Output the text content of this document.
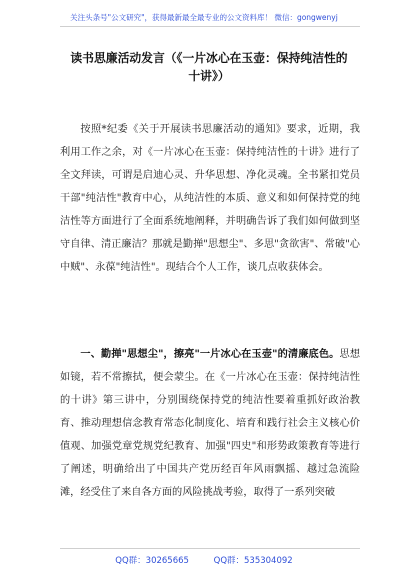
关注头条号"公文研究"，获得最新最全最专业的公文资料库！ 微信：gongwenyj
读书思廉活动发言（《一片冰心在玉壶：保持纯洁性的十讲》）
按照*纪委《关于开展读书思廉活动的通知》要求，近期，我利用工作之余，对《一片冰心在玉壶：保持纯洁性的十讲》进行了全文拜读，可谓是启迪心灵、升华思想、净化灵魂。全书紧扣党员干部"纯洁性"教育中心，从纯洁性的本质、意义和如何保持党的纯洁性等方面进行了全面系统地阐释，并明确告诉了我们如何做到坚守自律、清正廉洁？那就是勤掸"思想尘"、多思"贪欲害"、常破"心中贼"、永葆"纯洁性"。现结合个人工作，谈几点收获体会。
一、勤掸"思想尘"，擦亮"一片冰心在玉壶"的清廉底色。思想如镜，若不常擦拭，便会蒙尘。在《一片冰心在玉壶：保持纯洁性的十讲》第三讲中，分别围绕保持党的纯洁性要着重抓好政治教育、推动理想信念教育常态化制度化、培育和践行社会主义核心价值观、加强党章党规党纪教育、加强"四史"和形势政策教育等进行了阐述，明确给出了中国共产党历经百年风雨飘摇、越过急流险滩，经受住了来自各方面的风险挑战考验，取得了一系列突破
QQ群：30265665	QQ群：535304092
